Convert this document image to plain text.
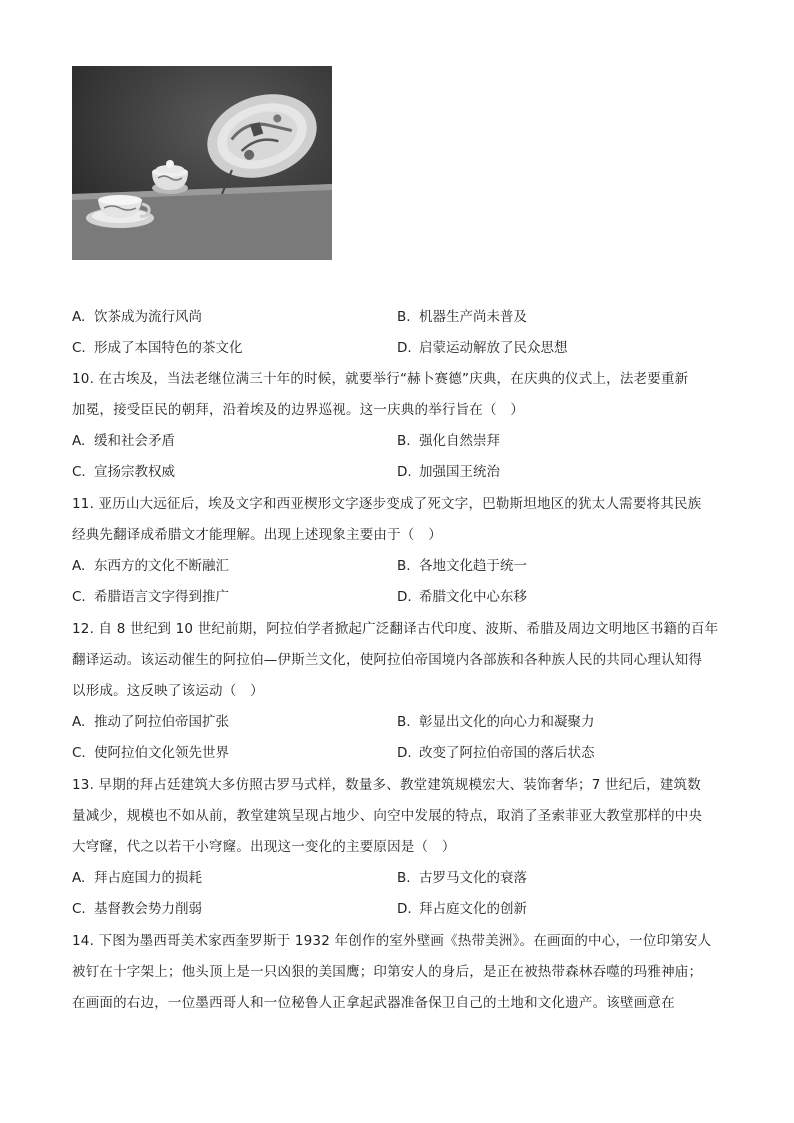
A. 饮茶成为流行风尚	B. 机器生产尚未普及
C. 形成了本国特色的茶文化	D. 启蒙运动解放了民众思想
10. 在古埃及，当法老继位满三十年的时候，就要举行“赫卜赛德”庆典，在庆典的仪式上，法老要重新
加冕，接受臣民的朝拜，沿着埃及的边界巡视。这一庆典的举行旨在（　）
A. 缓和社会矛盾	B. 强化自然崇拜
C. 宣扬宗教权威	D. 加强国王统治
11. 亚历山大远征后，埃及文字和西亚楔形文字逐步变成了死文字，巴勒斯坦地区的犹太人需要将其民族
经典先翻译成希腊文才能理解。出现上述现象主要由于（　）
A. 东西方的文化不断融汇	B. 各地文化趋于统一
C. 希腊语言文字得到推广	D. 希腊文化中心东移
12. 自 8 世纪到 10 世纪前期，阿拉伯学者掀起广泛翻译古代印度、波斯、希腊及周边文明地区书籍的百年
翻译运动。该运动催生的阿拉伯—伊斯兰文化，使阿拉伯帝国境内各部族和各种族人民的共同心理认知得
以形成。这反映了该运动（　）
A. 推动了阿拉伯帝国扩张	B. 彰显出文化的向心力和凝聚力
C. 使阿拉伯文化领先世界	D. 改变了阿拉伯帝国的落后状态
13. 早期的拜占廷建筑大多仿照古罗马式样，数量多、教堂建筑规模宏大、装饰奢华；7 世纪后，建筑数
量减少，规模也不如从前，教堂建筑呈现占地少、向空中发展的特点，取消了圣索菲亚大教堂那样的中央
大穹窿，代之以若干小穹窿。出现这一变化的主要原因是（　）
A. 拜占庭国力的损耗	B. 古罗马文化的衰落
C. 基督教会势力削弱	D. 拜占庭文化的创新
14. 下图为墨西哥美术家西奎罗斯于 1932 年创作的室外壁画《热带美洲》。在画面的中心，一位印第安人
被钉在十字架上；他头顶上是一只凶狠的美国鹰；印第安人的身后，是正在被热带森林吞噬的玛雅神庙；
在画面的右边，一位墨西哥人和一位秘鲁人正拿起武器准备保卫自己的土地和文化遗产。该壁画意在
